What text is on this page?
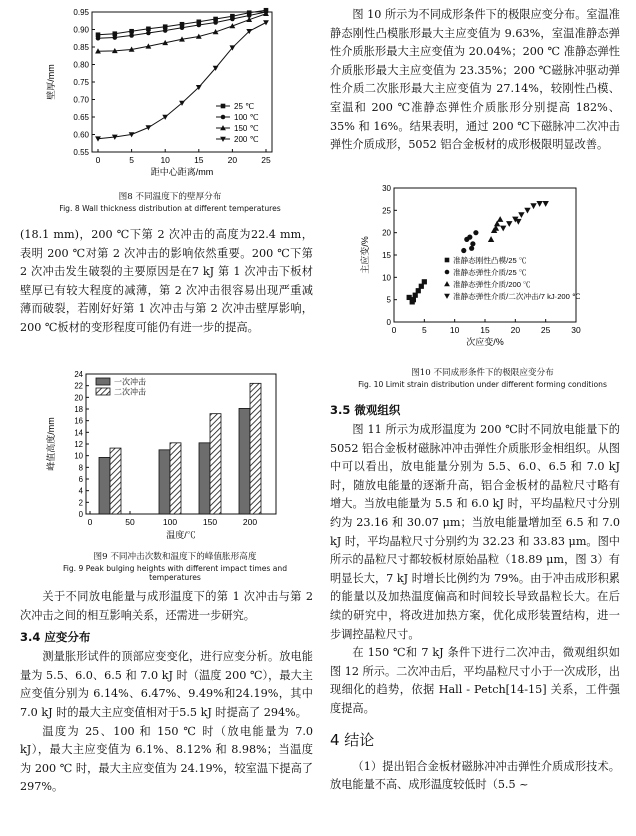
0	5	10	15	20	25
0.55
0.60
0.65
0.70
0.75
0.80
0.85
0.90
0.95
距中心距离/mm
壁厚/mm
25 ℃
100 ℃
150 ℃
200 ℃

图8 不同温度下的壁厚分布

Fig. 8 Wall thickness distribution at different temperatures

(18.1 mm)，200 ℃下第 2 次冲击的高度为22.4 mm，表明 200 ℃对第 2 次冲击的影响依然重要。200 ℃下第 2 次冲击发生破裂的主要原因是在7 kJ 第 1 次冲击下板材壁厚已有较大程度的减薄，第 2 次冲击很容易出现严重减薄而破裂，若刚好好第 1 次冲击与第 2 次冲击壁厚影响，200 ℃板材的变形程度可能仍有进一步的提高。

0	50	100	150	200
0
2
4
6
8
10
12
14
16
18
20
22
24
温度/℃
峰值高度/mm
一次冲击
二次冲击

图9 不同冲击次数和温度下的峰值胀形高度

Fig. 9 Peak bulging heights with different impact times and temperatures

关于不同放电能量与成形温度下的第 1 次冲击与第 2 次冲击之间的相互影响关系，还需进一步研究。

3.4 应变分布

测量胀形试件的顶部应变变化，进行应变分析。放电能量为 5.5、6.0、6.5 和 7.0 kJ 时（温度 200 ℃），最大主应变值分别为 6.14%、6.47%、9.49%和24.19%，其中 7.0 kJ 时的最大主应变值相对于5.5 kJ 时提高了 294%。

温度为 25、100 和 150 ℃ 时（放电能量为 7.0 kJ），最大主应变值为 6.1%、8.12% 和 8.98%；当温度为 200 ℃ 时，最大主应变值为 24.19%，较室温下提高了 297%。

图 10 所示为不同成形条件下的极限应变分布。室温准静态刚性凸模胀形最大主应变值为 9.63%，室温准静态弹性介质胀形最大主应变值为 20.04%；200 ℃ 准静态弹性介质胀形最大主应变值为 23.35%；200 ℃磁脉冲驱动弹性介质二次胀形最大主应变值为 27.14%，较刚性凸模、室温和 200 ℃准静态弹性介质胀形分别提高 182%、35% 和 16%。结果表明，通过 200 ℃下磁脉冲二次冲击弹性介质成形，5052 铝合金板材的成形极限明显改善。

0	5	10 15 20 25 30
0
5
10
15
20
25
30
次应变/%
主应变/%	准静态刚性凸模/25 ℃
准静态弹性介质/25 ℃
准静态弹性介质/200 ℃
准静态弹性介质/二次冲击/7 kJ·200 ℃

图10 不同成形条件下的极限应变分布

Fig. 10 Limit strain distribution under different forming conditions

3.5 微观组织

图 11 所示为成形温度为 200 ℃时不同放电能量下的 5052 铝合金板材磁脉冲冲击弹性介质胀形金相组织。从图中可以看出，放电能量分别为 5.5、6.0、6.5 和 7.0 kJ 时，随放电能量的逐渐升高，铝合金板材的晶粒尺寸略有增大。当放电能量为 5.5 和 6.0 kJ 时，平均晶粒尺寸分别约为 23.16 和 30.07 μm；当放电能量增加至 6.5 和 7.0 kJ 时，平均晶粒尺寸分别约为 32.23 和 33.83 μm。图中所示的晶粒尺寸都较板材原始晶粒（18.89 μm，图 3）有明显长大，7 kJ 时增长比例约为 79%。由于冲击成形积累的能量以及加热温度偏高和时间较长导致晶粒长大。在后续的研究中，将改进加热方案，优化成形装置结构，进一步调控晶粒尺寸。

在 150 ℃和 7 kJ 条件下进行二次冲击，微观组织如图 12 所示。二次冲击后，平均晶粒尺寸小于一次成形，出现细化的趋势，依据 Hall - Petch[14-15] 关系，工件强度提高。

4 结论

（1）提出铝合金板材磁脉冲冲击弹性介质成形技术。放电能量不高、成形温度较低时（5.5 ~
